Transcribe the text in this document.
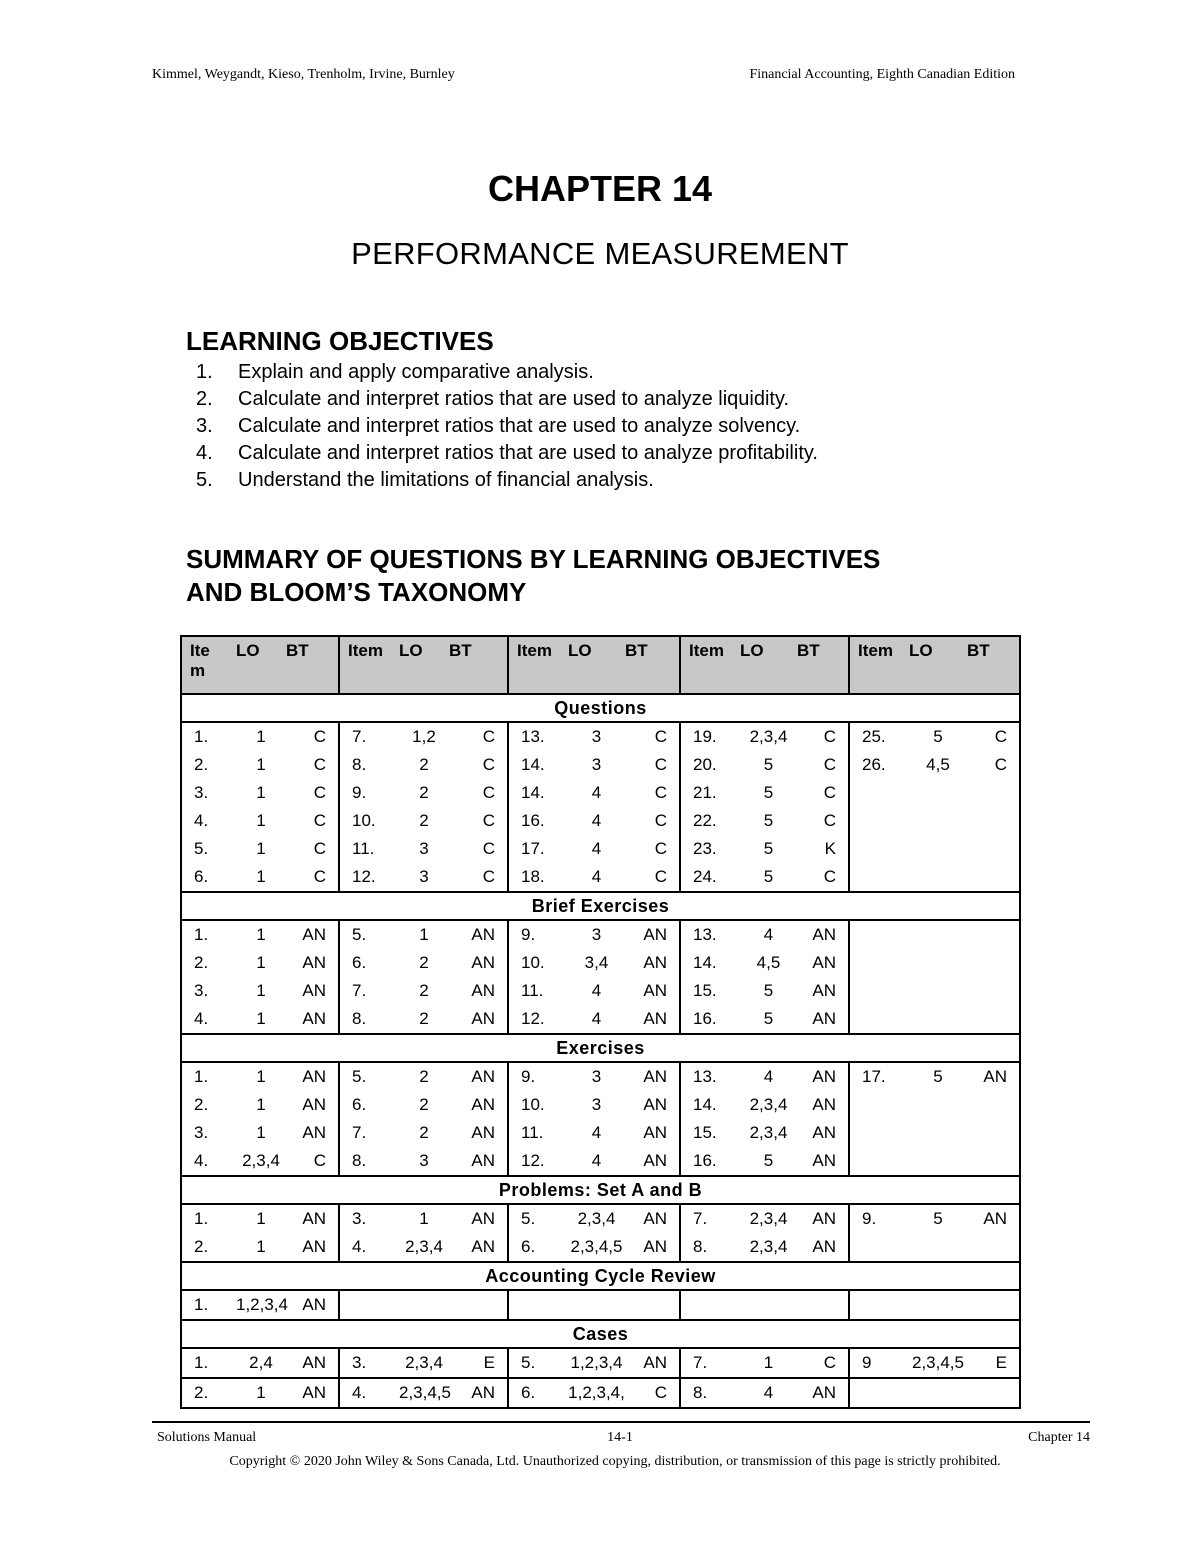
Kimmel, Weygandt, Kieso, Trenholm, Irvine, Burnley	Financial Accounting, Eighth Canadian Edition
CHAPTER 14
PERFORMANCE MEASUREMENT
LEARNING OBJECTIVES
1. Explain and apply comparative analysis.
2. Calculate and interpret ratios that are used to analyze liquidity.
3. Calculate and interpret ratios that are used to analyze solvency.
4. Calculate and interpret ratios that are used to analyze profitability.
5. Understand the limitations of financial analysis.
SUMMARY OF QUESTIONS BY LEARNING OBJECTIVES
AND BLOOM’S TAXONOMY
Ite m	LO	BT	Item	LO	BT	Item	LO	BT	Item	LO	BT	Item	LO	BT
Questions														
1.	1	C	7.	1,2	C	13.	3	C	19.	2,3,4	C	25.	5	C
2.	1	C	8.	2	C	14.	3	C	20.	5	C	26.	4,5	C
3.	1	C	9.	2	C	14.	4	C	21.	5	C			
4.	1	C	10.	2	C	16.	4	C	22.	5	C			
5.	1	C	11.	3	C	17.	4	C	23.	5	K			
6.	1	C	12.	3	C	18.	4	C	24.	5	C			
Brief Exercises														
1.	1	AN	5.	1	AN	9.	3	AN	13.	4	AN			
2.	1	AN	6.	2	AN	10.	3,4	AN	14.	4,5	AN			
3.	1	AN	7.	2	AN	11.	4	AN	15.	5	AN			
4.	1	AN	8.	2	AN	12.	4	AN	16.	5	AN			
Exercises														
1.	1	AN	5.	2	AN	9.	3	AN	13.	4	AN	17.	5	AN
2.	1	AN	6.	2	AN	10.	3	AN	14.	2,3,4	AN			
3.	1	AN	7.	2	AN	11.	4	AN	15.	2,3,4	AN			
4.	2,3,4	C	8.	3	AN	12.	4	AN	16.	5	AN			
Problems: Set A and B														
1.	1	AN	3.	1	AN	5.	2,3,4	AN	7.	2,3,4	AN	9.	5	AN
2.	1	AN	4.	2,3,4	AN	6.	2,3,4,5	AN	8.	2,3,4	AN			
Accounting Cycle Review														
1.	1,2,3,4	AN												
Cases														
1.	2,4	AN	3.	2,3,4	E	5.	1,2,3,4	AN	7.	1	C	9	2,3,4,5	E
2.	1	AN	4.	2,3,4,5	AN	6.	1,2,3,4,	C	8.	4	AN			
Solutions Manual	14-1	Chapter 14
Copyright © 2020 John Wiley & Sons Canada, Ltd. Unauthorized copying, distribution, or transmission of this page is strictly prohibited.
